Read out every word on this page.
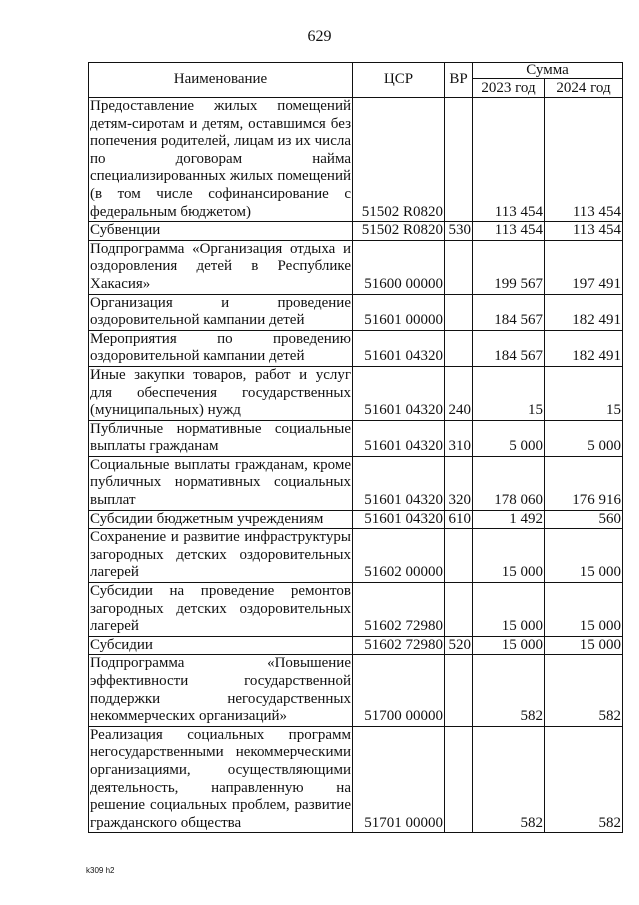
629
Наименование	ЦСР	ВР	Сумма	
			2023 год	2024 год
Предоставление жилых помещений детям-сиротам и детям, оставшимся без попечения родителей, лицам из их числа по договорам найма специализированных жилых помещений (в том числе софинансирование с федеральным бюджетом)	51502 R0820		113 454	113 454
Субвенции	51502 R0820	530	113 454	113 454
Подпрограмма «Организация отдыха и оздоровления детей в Республике Хакасия»	51600 00000		199 567	197 491
Организация и проведение оздоровительной кампании детей	51601 00000		184 567	182 491
Мероприятия по проведению оздоровительной кампании детей	51601 04320		184 567	182 491
Иные закупки товаров, работ и услуг для обеспечения государственных (муниципальных) нужд	51601 04320	240	15	15
Публичные нормативные социальные выплаты гражданам	51601 04320	310	5 000	5 000
Социальные выплаты гражданам, кроме публичных нормативных социальных выплат	51601 04320	320	178 060	176 916
Субсидии бюджетным учреждениям	51601 04320	610	1 492	560
Сохранение и развитие инфраструктуры загородных детских оздоровительных лагерей	51602 00000		15 000	15 000
Субсидии на проведение ремонтов загородных детских оздоровительных лагерей	51602 72980		15 000	15 000
Субсидии	51602 72980	520	15 000	15 000
Подпрограмма «Повышение эффективности государственной поддержки негосударственных некоммерческих организаций»	51700 00000		582	582
Реализация социальных программ негосударственными некоммерческими организациями, осуществляющими деятельность, направленную на решение социальных проблем, развитие гражданского общества	51701 00000		582	582
k309 h2
